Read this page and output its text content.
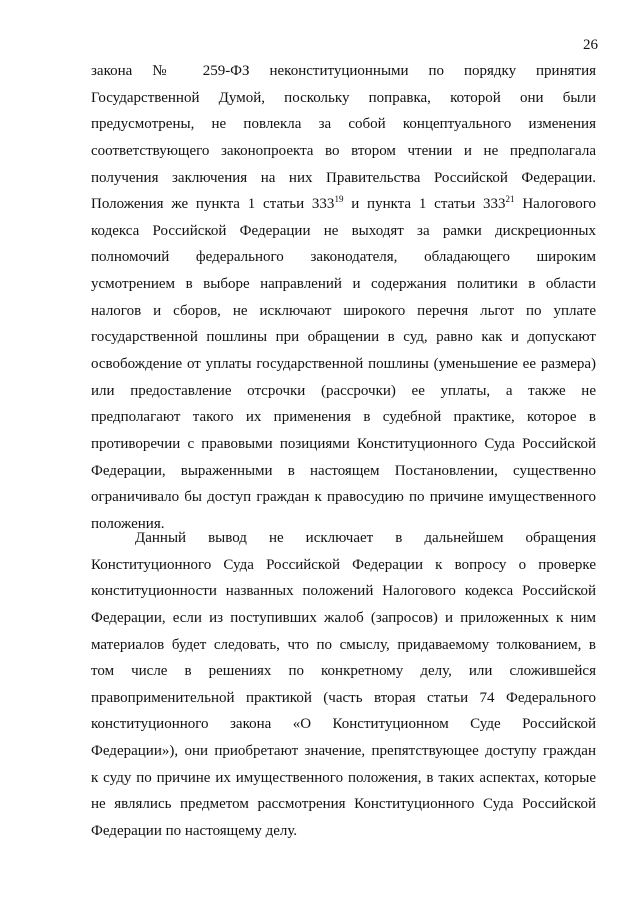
26
закона № 259-ФЗ неконституционными по порядку принятия
Государственной Думой, поскольку поправка, которой они были
предусмотрены, не повлекла за собой концептуального изменения
соответствующего законопроекта во втором чтении и не предполагала
получения заключения на них Правительства Российской Федерации.
Положения же пункта 1 статьи $333^{19}$ и пункта 1 статьи $333^{21}$ Налогового
кодекса Российской Федерации не выходят за рамки дискреционных
полномочий федерального законодателя, обладающего широким
усмотрением в выборе направлений и содержания политики в области
налогов и сборов, не исключают широкого перечня льгот по уплате
государственной пошлины при обращении в суд, равно как и допускают
освобождение от уплаты государственной пошлины (уменьшение ее размера)
или предоставление отсрочки (рассрочки) ее уплаты, а также не
предполагают такого их применения в судебной практике, которое в
противоречии с правовыми позициями Конституционного Суда Российской
Федерации, выраженными в настоящем Постановлении, существенно
ограничивало бы доступ граждан к правосудию по причине имущественного
положения.
Данный вывод не исключает в дальнейшем обращения
Конституционного Суда Российской Федерации к вопросу о проверке
конституционности названных положений Налогового кодекса Российской
Федерации, если из поступивших жалоб (запросов) и приложенных к ним
материалов будет следовать, что по смыслу, придаваемому толкованием, в
том числе в решениях по конкретному делу, или сложившейся
правоприменительной практикой (часть вторая статьи 74 Федерального
конституционного закона «О Конституционном Суде Российской
Федерации»), они приобретают значение, препятствующее доступу граждан
к суду по причине их имущественного положения, в таких аспектах, которые
не являлись предметом рассмотрения Конституционного Суда Российской
Федерации по настоящему делу.
